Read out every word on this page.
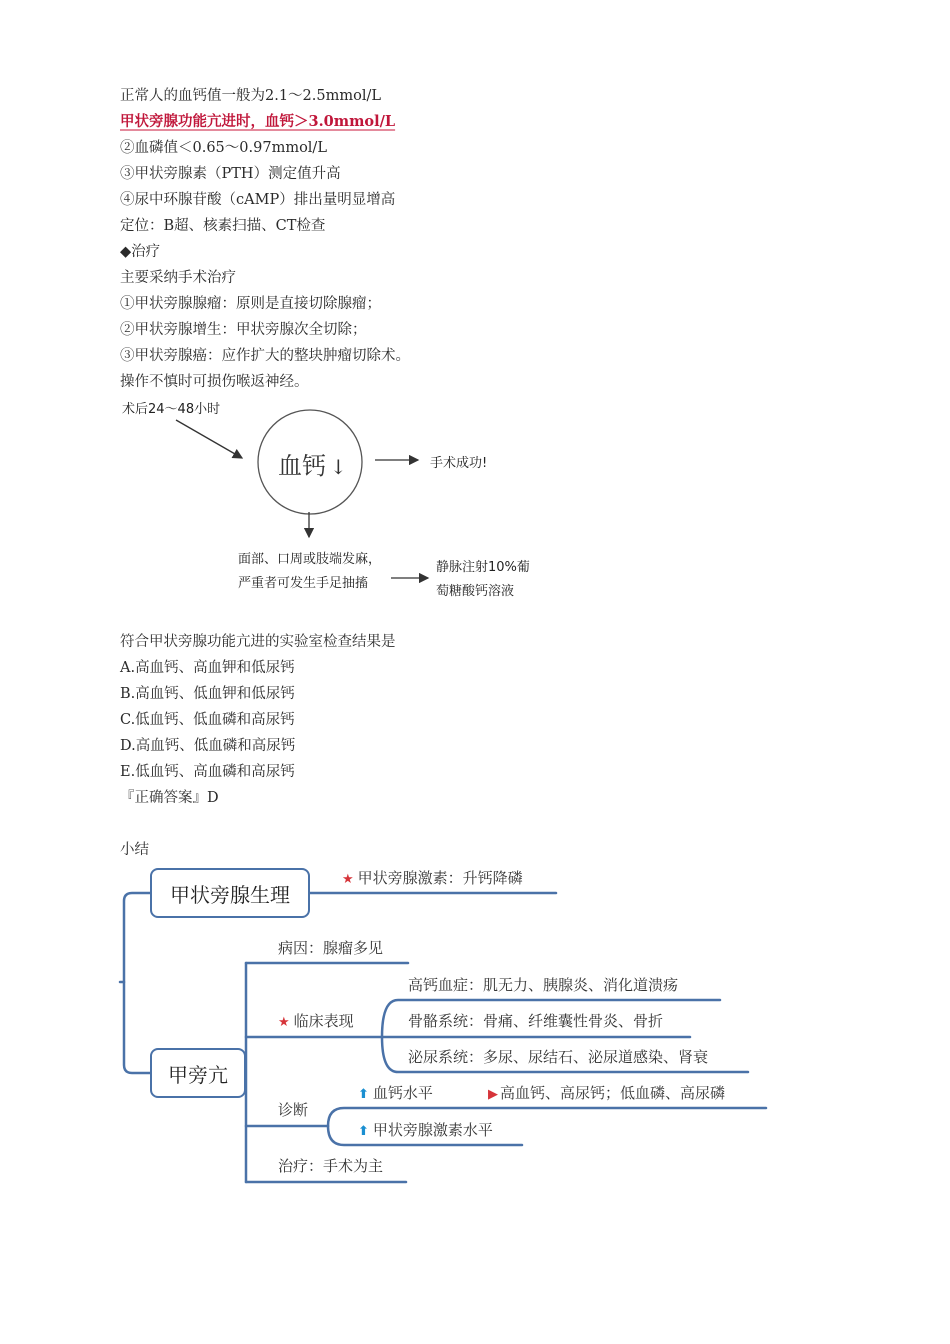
正常人的血钙值一般为2.1～2.5mmol/L
甲状旁腺功能亢进时，血钙＞3.0mmol/L
②血磷值＜0.65～0.97mmol/L
③甲状旁腺素（PTH）测定值升高
④尿中环腺苷酸（cAMP）排出量明显增高
定位：B超、核素扫描、CT检查
◆治疗
主要采纳手术治疗
①甲状旁腺腺瘤：原则是直接切除腺瘤；
②甲状旁腺增生：甲状旁腺次全切除；
③甲状旁腺癌：应作扩大的整块肿瘤切除术。
操作不慎时可损伤喉返神经。
术后24～48小时
血钙 ↓	手术成功!
面部、口周或肢端发麻，
严重者可发生手足抽搐
静脉注射10%葡
萄糖酸钙溶液
符合甲状旁腺功能亢进的实验室检查结果是
A.高血钙、高血钾和低尿钙
B.高血钙、低血钾和低尿钙
C.低血钙、低血磷和高尿钙
D.高血钙、低血磷和高尿钙
E.低血钙、高血磷和高尿钙
『正确答案』D
小结
甲状旁腺生理
★ 甲状旁腺激素：升钙降磷
甲旁亢
病因：腺瘤多见
★ 临床表现
高钙血症：肌无力、胰腺炎、消化道溃疡
骨骼系统：骨痛、纤维囊性骨炎、骨折
泌尿系统：多尿、尿结石、泌尿道感染、肾衰
诊断
⬆ 血钙水平	▶ 高血钙、高尿钙；低血磷、高尿磷
⬆ 甲状旁腺激素水平
治疗：手术为主
